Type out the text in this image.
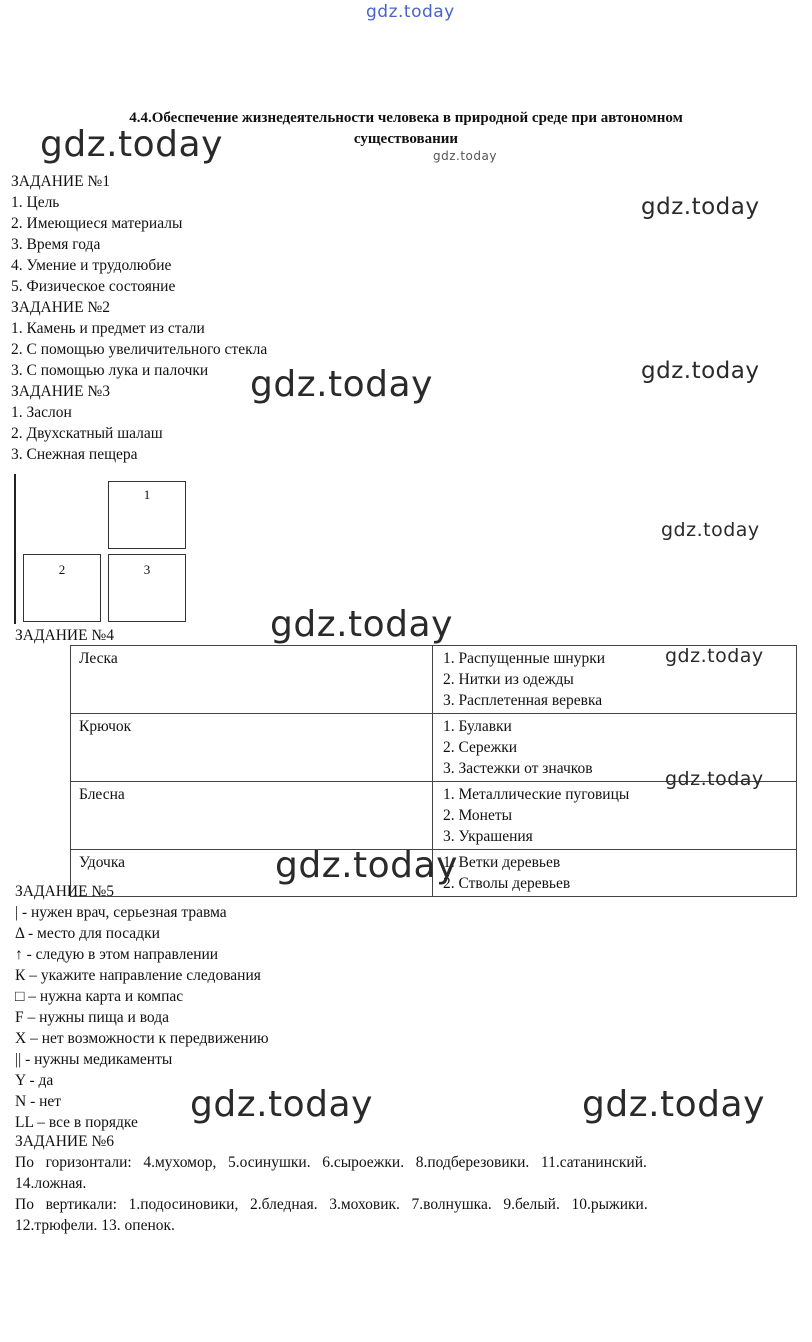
gdz.today
gdz.today	gdz.today
gdz.today
gdz.today
gdz.today
gdz.today
gdz.today
gdz.today
gdz.today
gdz.today
gdz.today	gdz.today
4.4.Обеспечение жизнедеятельности человека в природной среде при автономном
существовании
ЗАДАНИЕ №1
1. Цель
2. Имеющиеся материалы
3. Время года
4. Умение и трудолюбие
5. Физическое состояние
ЗАДАНИЕ №2
1. Камень и предмет из стали
2. С помощью увеличительного стекла
3. С помощью лука и палочки
ЗАДАНИЕ №3
1. Заслон
2. Двухскатный шалаш
3. Снежная пещера
1
2	3
ЗАДАНИЕ №4
Леска	1. Распущенные шнурки
2. Нитки из одежды
3. Расплетенная веревка

Крючок	1. Булавки
2. Сережки
3. Застежки от значков

Блесна	1. Металлические пуговицы
2. Монеты
3. Украшения

Удочка	1. Ветки деревьев
2. Стволы деревьев
ЗАДАНИЕ №5
| - нужен врач, серьезная травма
Δ - место для посадки
↑ - следую в этом направлении
К – укажите направление следования
□ – нужна карта и компас
F – нужны пища и вода
Х – нет возможности к передвижению
|| - нужны медикаменты
Y - да
N - нет
LL – все в порядке
ЗАДАНИЕ №6
По   горизонтали:   4.мухомор,   5.осинушки.   6.сыроежки.   8.подберезовики.   11.сатанинский.
14.ложная.
По   вертикали:   1.подосиновики,   2.бледная.   3.моховик.   7.волнушка.   9.белый.   10.рыжики.
12.трюфели. 13. опенок.
